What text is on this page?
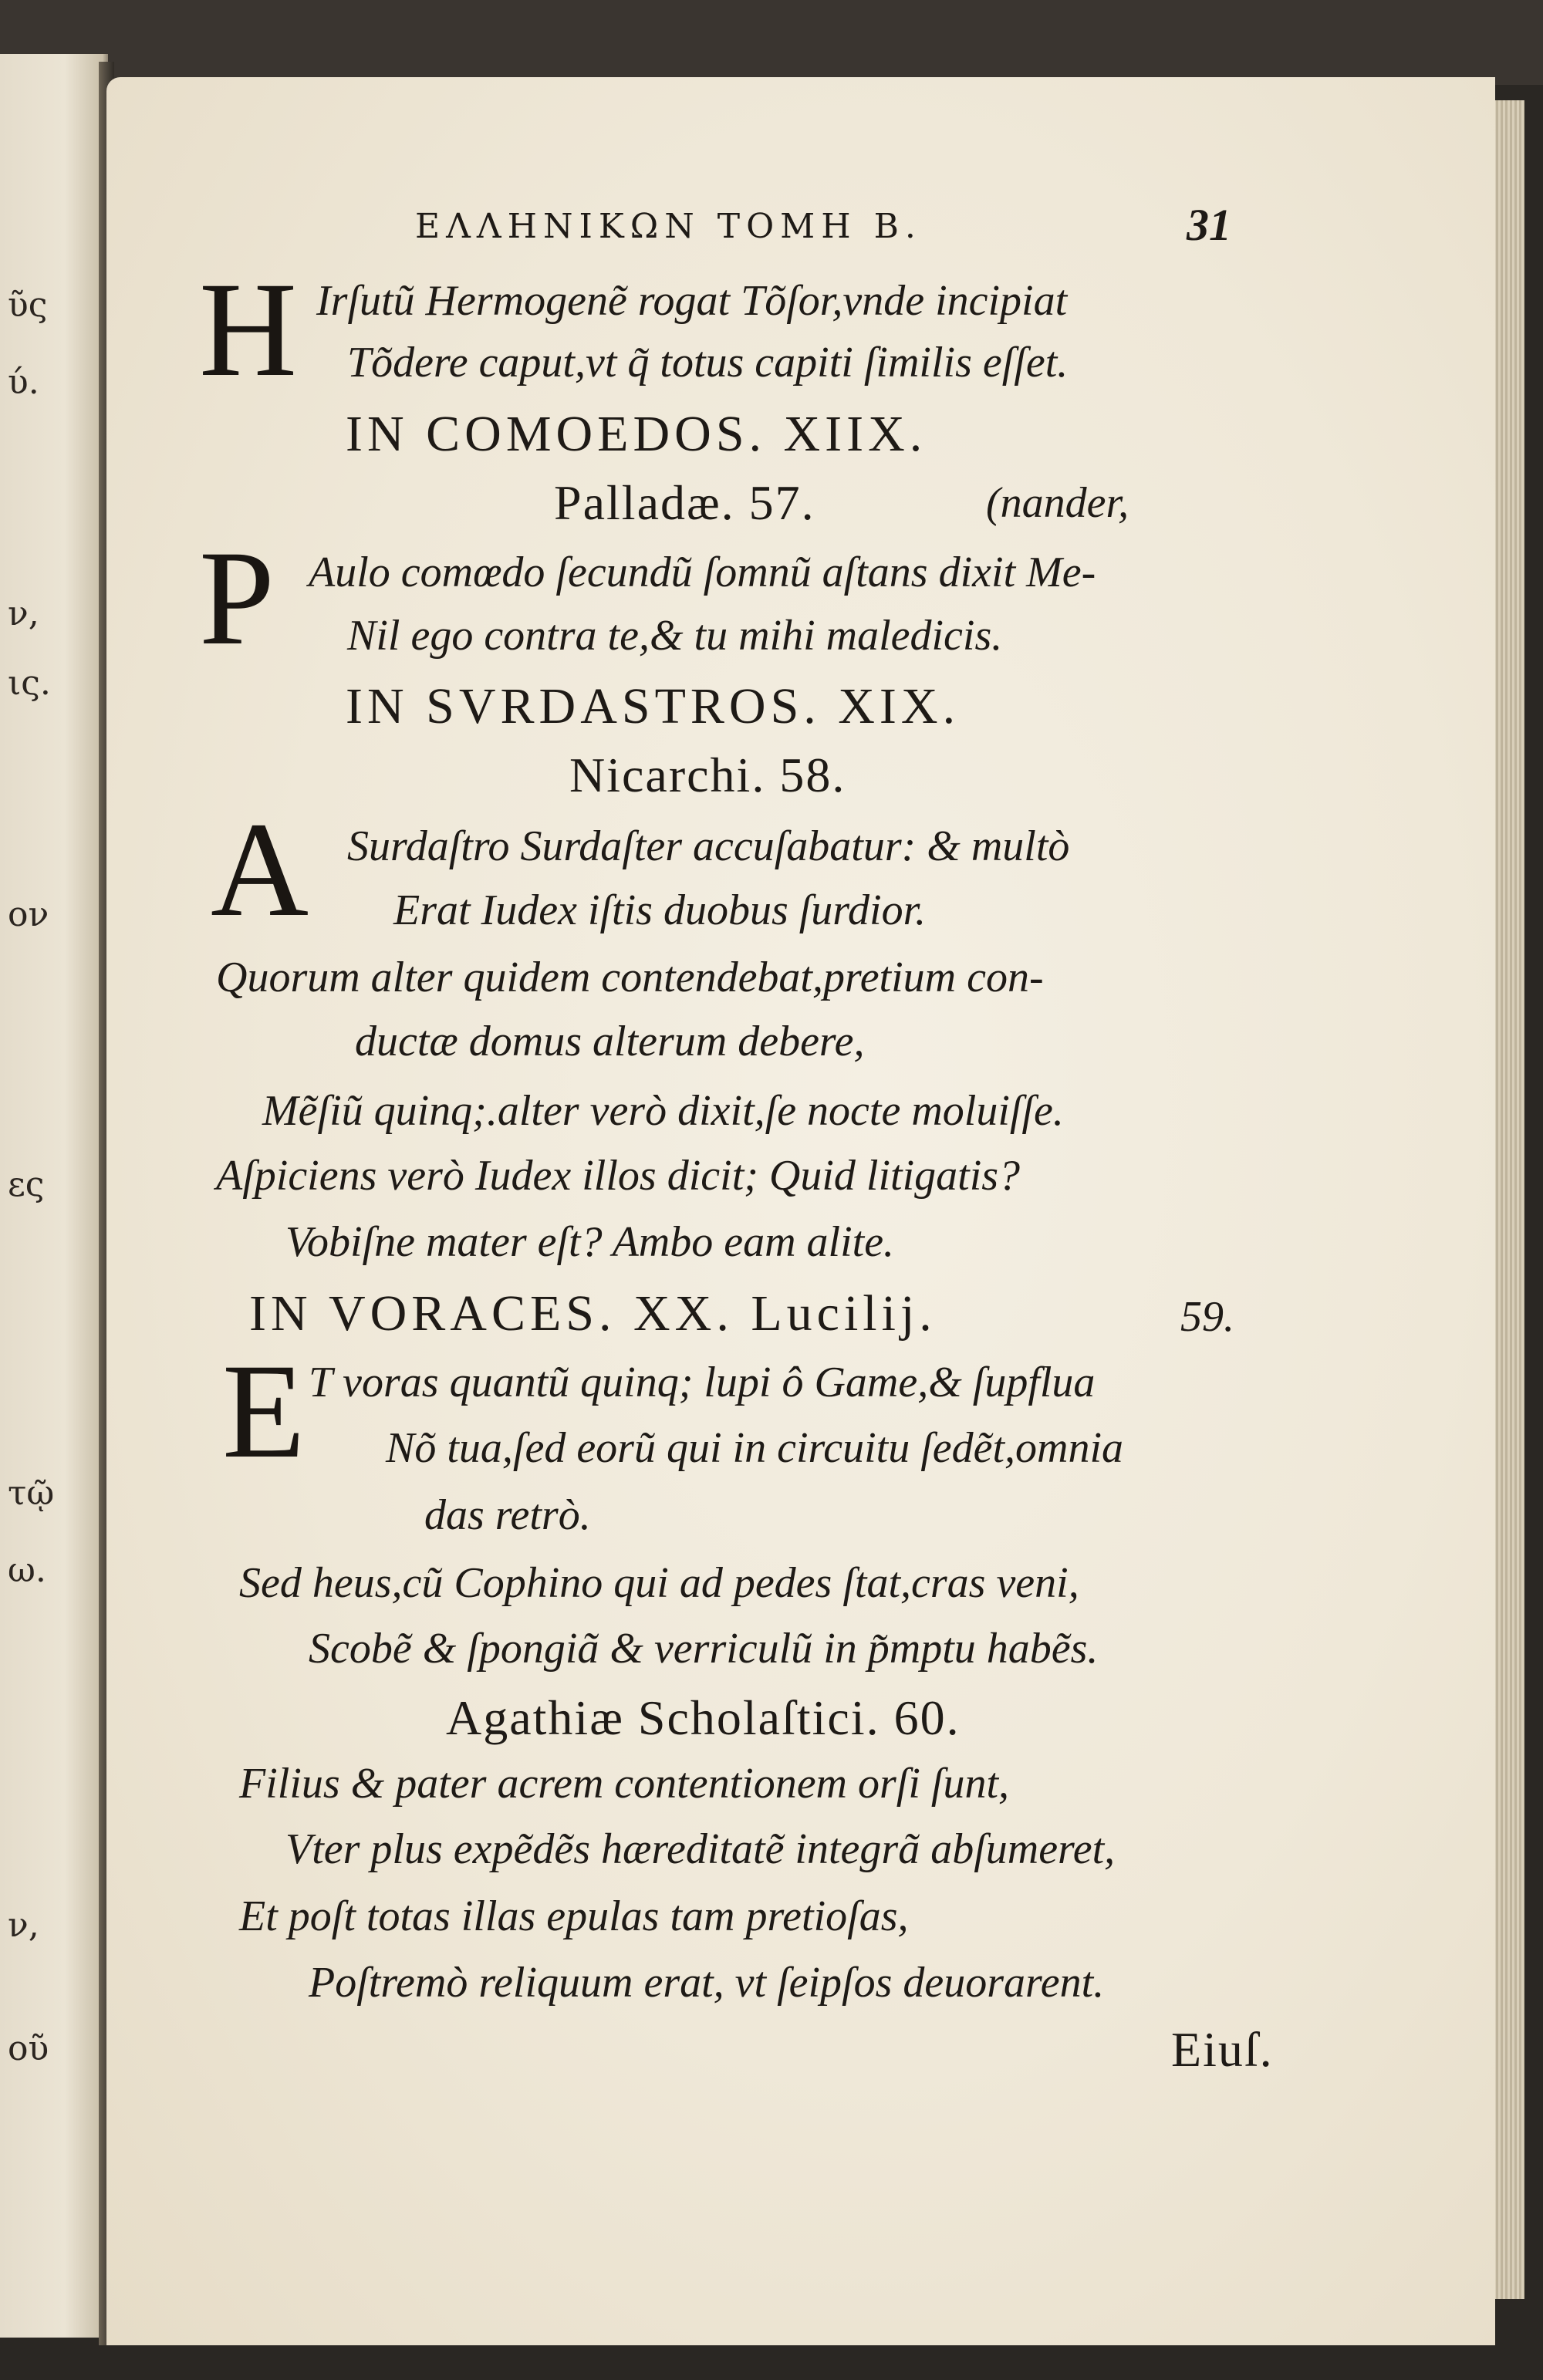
ῦς
ύ.
ν,
ις.
ον
ες
τῷ
ω.
ν,
οῦ
ΕΛΛΗΝΙΚΩΝ ΤΟΜΗ Β.	31
H Irſutũ Hermogenẽ rogat Tõſor,vnde incipiat
Tõdere caput,vt q̃ totus capiti ſimilis eſſet.
IN COMOEDOS. XIIX.
Palladæ. 57.	(nander,
P Aulo comœdo ſecundũ ſomnũ aſtans dixit Me-
Nil ego contra te,& tu mihi maledicis.
IN SVRDASTROS. XIX.
Nicarchi. 58.
A Surdaſtro Surdaſter accuſabatur: & multò
Erat Iudex iſtis duobus ſurdior.
Quorum alter quidem contendebat,pretium con-
ductæ domus alterum debere,
Mẽſiũ quinq;.alter verò dixit,ſe nocte moluiſſe.
Aſpiciens verò Iudex illos dicit; Quid litigatis?
Vobiſne mater eſt? Ambo eam alite.
IN VORACES. XX. Lucilij.	59.
E T voras quantũ quinq; lupi ô Game,& ſupflua
Nõ tua,ſed eorũ qui in circuitu ſedẽt,omnia
das retrò.
Sed heus,cũ Cophino qui ad pedes ſtat,cras veni,
Scobẽ & ſpongiã & verriculũ in p̃mptu habẽs.
Agathiæ Scholaſtici. 60.
Filius & pater acrem contentionem orſi ſunt,
Vter plus expẽdẽs hæreditatẽ integrã abſumeret,
Et poſt totas illas epulas tam pretioſas,
Poſtremò reliquum erat, vt ſeipſos deuorarent.
Eiuſ.
